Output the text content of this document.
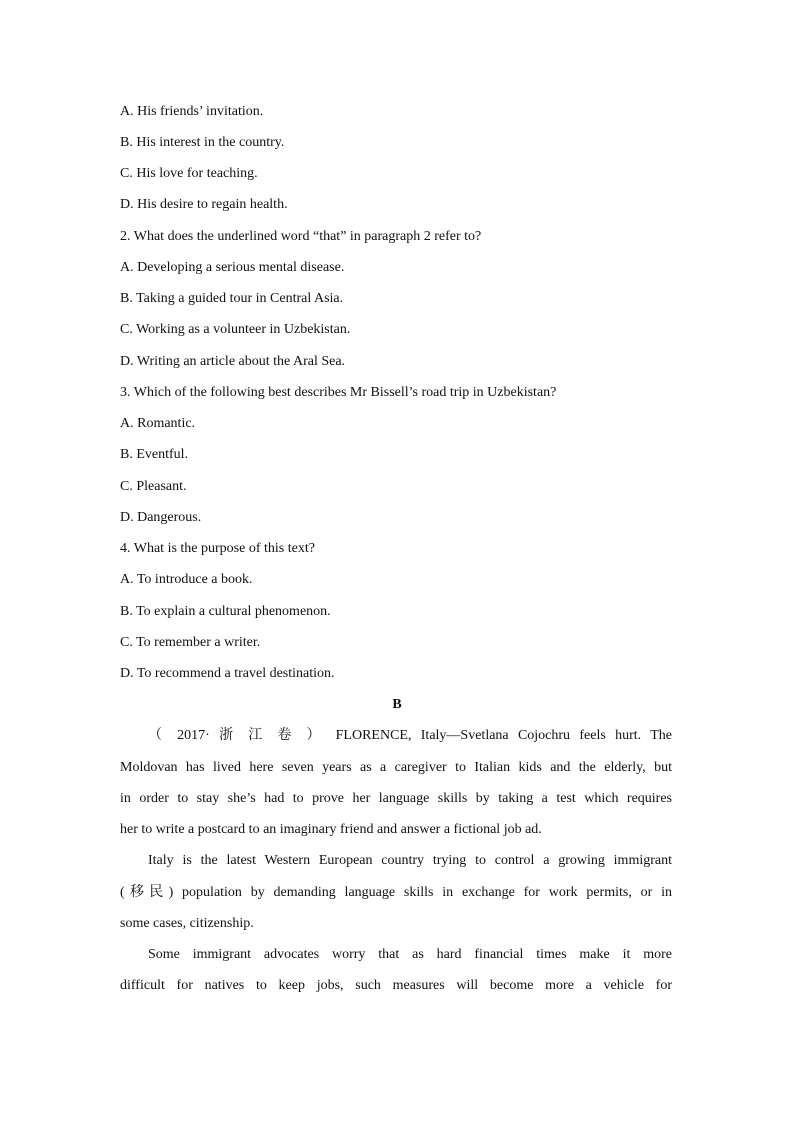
A. His friends’ invitation.
B. His interest in the country.
C. His love for teaching.
D. His desire to regain health.
2. What does the underlined word “that” in paragraph 2 refer to?
A. Developing a serious mental disease.
B. Taking a guided tour in Central Asia.
C. Working as a volunteer in Uzbekistan.
D. Writing an article about the Aral Sea.
3. Which of the following best describes Mr Bissell’s road trip in Uzbekistan?
A. Romantic.
B. Eventful.
C. Pleasant.
D. Dangerous.
4. What is the purpose of this text?
A. To introduce a book.
B. To explain a cultural phenomenon.
C. To remember a writer.
D. To recommend a travel destination.
B
（ 2017· 浙 江 卷 ） FLORENCE, Italy—Svetlana Cojochru feels hurt. The
Moldovan has lived here seven years as a caregiver to Italian kids and the elderly, but
in order to stay she’s had to prove her language skills by taking a test which requires
her to write a postcard to an imaginary friend and answer a fictional job ad.
Italy is the latest Western European country trying to control a growing immigrant
(移民) population by demanding language skills in exchange for work permits, or in
some cases, citizenship.
Some immigrant advocates worry that as hard financial times make it more
difficult for natives to keep jobs, such measures will become more a vehicle for
